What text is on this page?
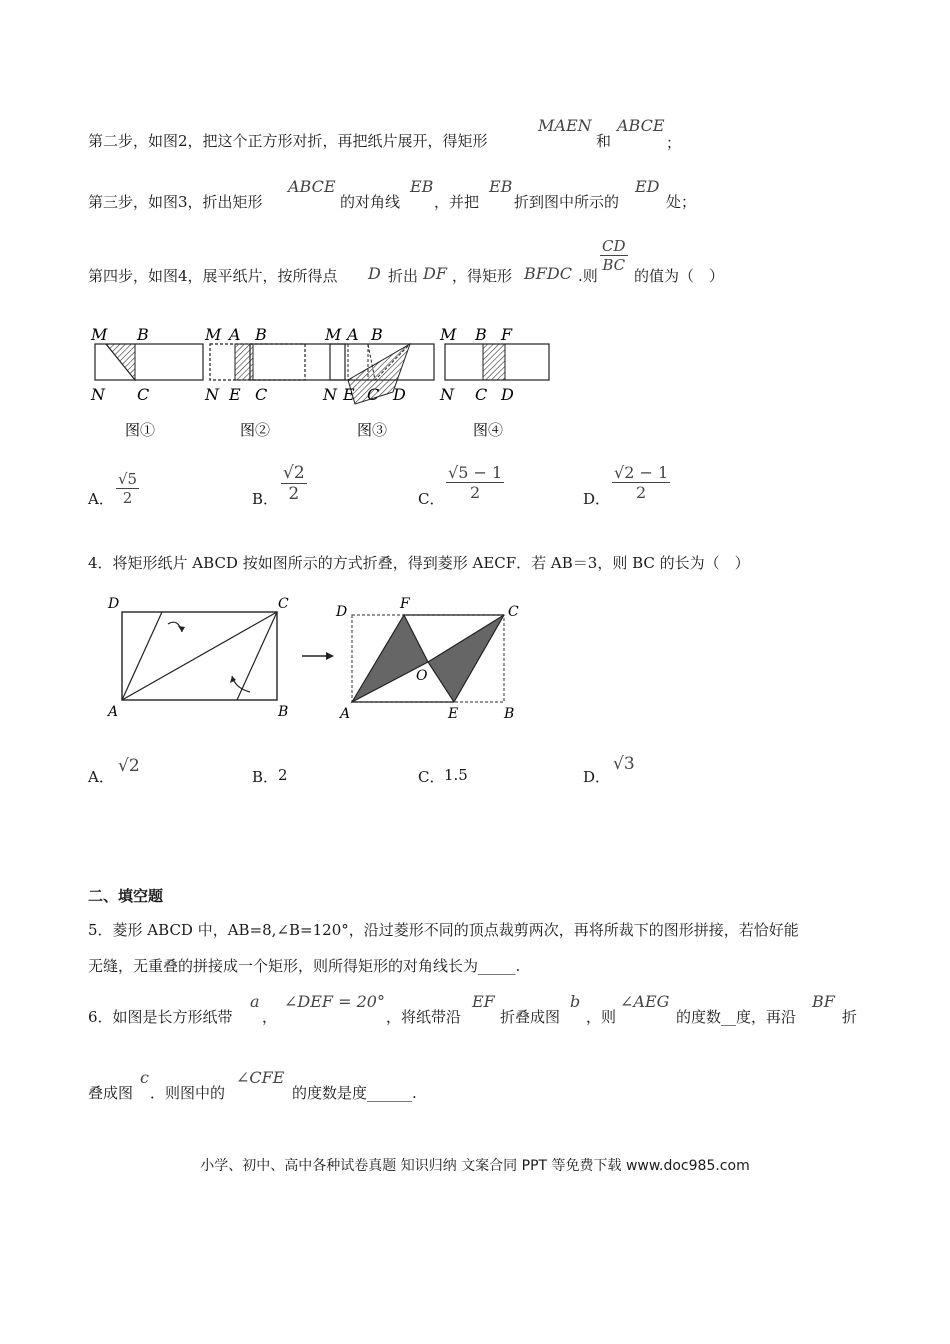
第二步，如图2，把这个正方形对折，再把纸片展开，得矩形
MAEN
和
ABCE
；
第三步，如图3，折出矩形
ABCE
的对角线
EB
，并把
EB
折到图中所示的
ED
处；
第四步，如图4，展平纸片，按所得点 D 折出 DF ，得矩形 BFDC .则
$\frac{CD}{BC}$
的值为（　）
M B
N C
M A B
N E C
M A B
N E C D
M B F
N C D
图①	图②	图③	图④
A． $\frac{√5}{2}$	B． $\frac{√2}{2}$	C． $\frac{√5 - 1}{2}$	D． $\frac{√2 - 1}{2}$
4．将矩形纸片 ABCD 按如图所示的方式折叠，得到菱形 AECF．若 AB＝3，则 BC 的长为（　）
D	C
A	B
D	F	C
O
A	E	B
A．
√2
B． 2	C． 1.5	D．
√3
二、填空题
5．菱形 ABCD 中，AB=8,∠B=120°，沿过菱形不同的顶点裁剪两次，再将所裁下的图形拼接，若恰好能
无缝，无重叠的拼接成一个矩形，则所得矩形的对角线长为_____.
6．如图是长方形纸带
a
，
∠DEF = 20°
，将纸带沿
EF
折叠成图
b
，则
∠AEG
的度数__度，再沿
BF
折
叠成图
c
．则图中的
∠CFE
的度数是度______.
小学、初中、高中各种试卷真题 知识归纳 文案合同 PPT 等免费下载 www.doc985.com
